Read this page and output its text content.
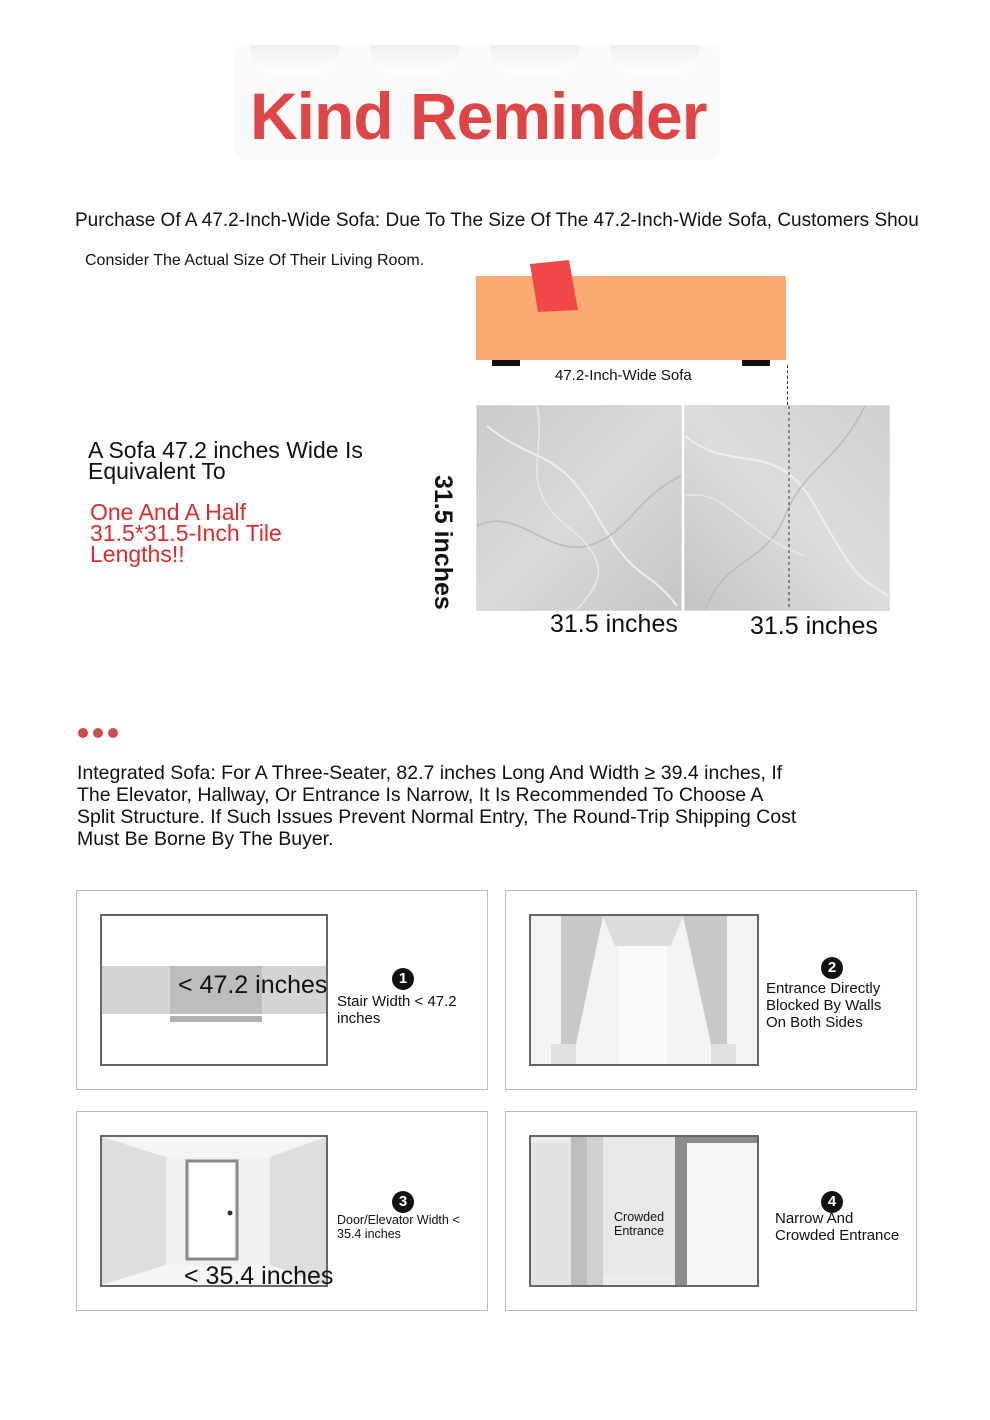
Kind Reminder
Purchase Of A 47.2-Inch-Wide Sofa: Due To The Size Of The 47.2-Inch-Wide Sofa, Customers Shou
Consider The Actual Size Of Their Living Room.
47.2-Inch-Wide Sofa
31.5 inches
31.5 inches	31.5 inches
A Sofa 47.2 inches Wide Is Equivalent To
One And A Half 31.5*31.5-Inch Tile Lengths!!
Integrated Sofa: For A Three-Seater, 82.7 inches Long And Width ≥ 39.4 inches, If The Elevator, Hallway, Or Entrance Is Narrow, It Is Recommended To Choose A Split Structure. If Such Issues Prevent Normal Entry, The Round-Trip Shipping Cost Must Be Borne By The Buyer.
< 47.2 inches	1
Stair Width < 47.2 inches
2
Entrance Directly Blocked By Walls On Both Sides
< 35.4 inches
3
Door/Elevator Width < 35.4 inches
Crowded Entrance
4
Narrow And Crowded Entrance
